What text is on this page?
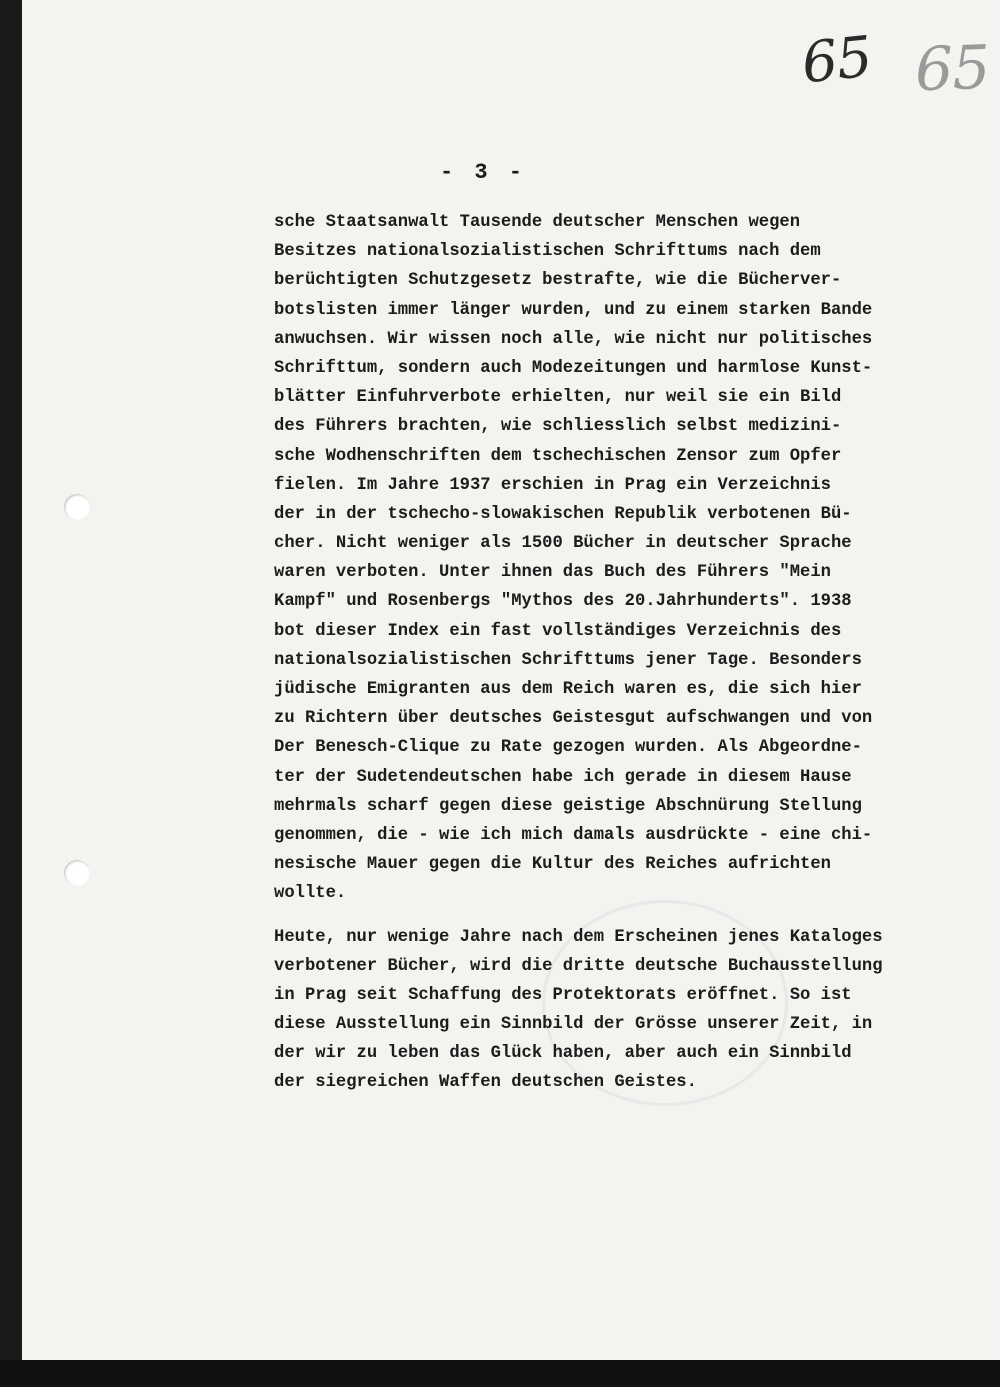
65 65
- 3 -
sche Staatsanwalt Tausende deutscher Menschen wegen
Besitzes nationalsozialistischen Schrifttums nach dem
berüchtigten Schutzgesetz bestrafte, wie die Bücherver-
botslisten immer länger wurden, und zu einem starken Bande
anwuchsen. Wir wissen noch alle, wie nicht nur politisches
Schrifttum, sondern auch Modezeitungen und harmlose Kunst-
blätter Einfuhrverbote erhielten, nur weil sie ein Bild
des Führers brachten, wie schliesslich selbst medizini-
sche Wodhenschriften dem tschechischen Zensor zum Opfer
fielen. Im Jahre 1937 erschien in Prag ein Verzeichnis
der in der tschecho-slowakischen Republik verbotenen Bü-
cher. Nicht weniger als 1500 Bücher in deutscher Sprache
waren verboten. Unter ihnen das Buch des Führers "Mein
Kampf" und Rosenbergs "Mythos des 20.Jahrhunderts". 1938
bot dieser Index ein fast vollständiges Verzeichnis des
nationalsozialistischen Schrifttums jener Tage. Besonders
jüdische Emigranten aus dem Reich waren es, die sich hier
zu Richtern über deutsches Geistesgut aufschwangen und von
Der Benesch-Clique zu Rate gezogen wurden. Als Abgeordne-
ter der Sudetendeutschen habe ich gerade in diesem Hause
mehrmals scharf gegen diese geistige Abschnürung Stellung
genommen, die - wie ich mich damals ausdrückte - eine chi-
nesische Mauer gegen die Kultur des Reiches aufrichten
wollte.
Heute, nur wenige Jahre nach dem Erscheinen jenes Kataloges
verbotener Bücher, wird die dritte deutsche Buchausstellung
in Prag seit Schaffung des Protektorats eröffnet. So ist
diese Ausstellung ein Sinnbild der Grösse unserer Zeit, in
der wir zu leben das Glück haben, aber auch ein Sinnbild
der siegreichen Waffen deutschen Geistes.
